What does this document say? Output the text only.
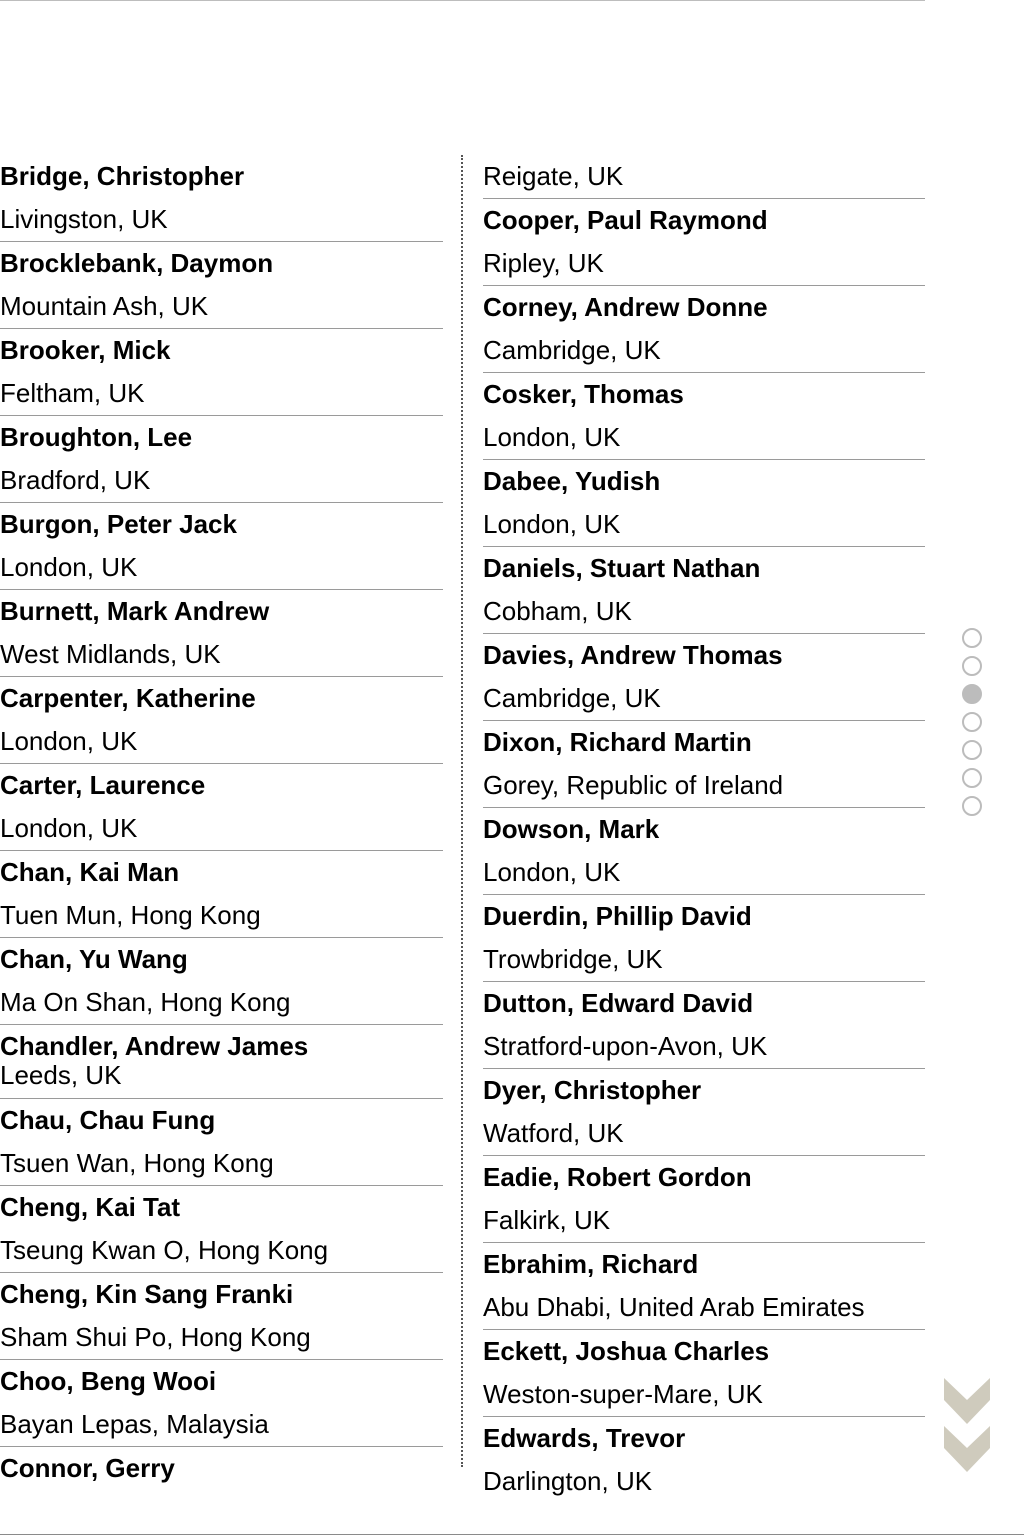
Bridge, Christopher
Livingston, UK
Brocklebank, Daymon
Mountain Ash, UK
Brooker, Mick
Feltham, UK
Broughton, Lee
Bradford, UK
Burgon, Peter Jack
London, UK
Burnett, Mark Andrew
West Midlands, UK
Carpenter, Katherine
London, UK
Carter, Laurence
London, UK
Chan, Kai Man
Tuen Mun, Hong Kong
Chan, Yu Wang
Ma On Shan, Hong Kong
Chandler, Andrew James
Leeds, UK
Chau, Chau Fung
Tsuen Wan, Hong Kong
Cheng, Kai Tat
Tseung Kwan O, Hong Kong
Cheng, Kin Sang Franki
Sham Shui Po, Hong Kong
Choo, Beng Wooi
Bayan Lepas, Malaysia
Connor, Gerry
Reigate, UK
Cooper, Paul Raymond
Ripley, UK
Corney, Andrew Donne
Cambridge, UK
Cosker, Thomas
London, UK
Dabee, Yudish
London, UK
Daniels, Stuart Nathan
Cobham, UK
Davies, Andrew Thomas
Cambridge, UK
Dixon, Richard Martin
Gorey, Republic of Ireland
Dowson, Mark
London, UK
Duerdin, Phillip David
Trowbridge, UK
Dutton, Edward David
Stratford-upon-Avon, UK
Dyer, Christopher
Watford, UK
Eadie, Robert Gordon
Falkirk, UK
Ebrahim, Richard
Abu Dhabi, United Arab Emirates
Eckett, Joshua Charles
Weston-super-Mare, UK
Edwards, Trevor
Darlington, UK
